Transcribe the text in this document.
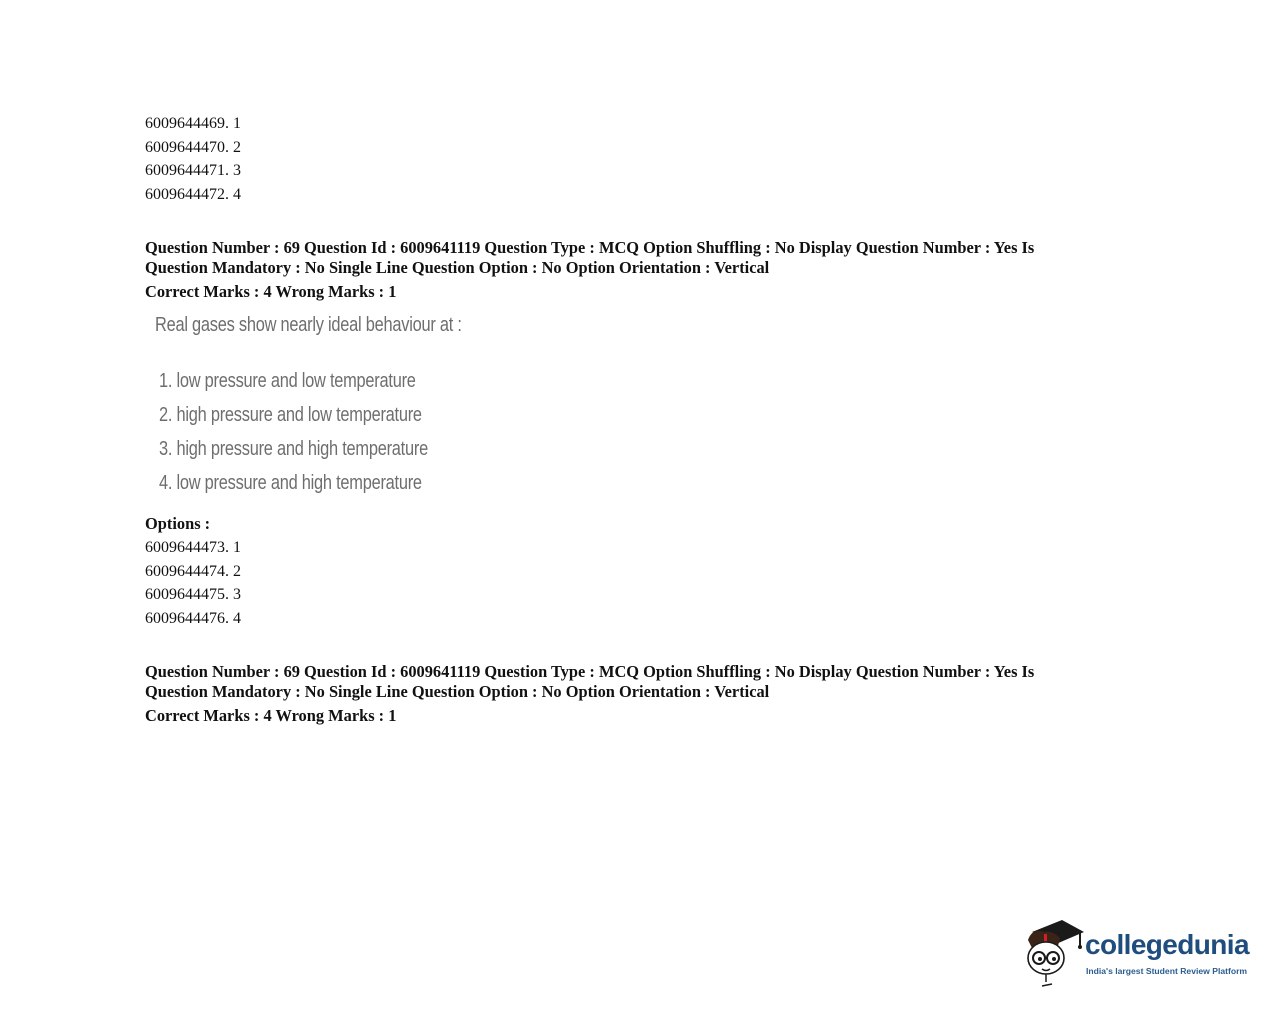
6009644469. 1
6009644470. 2
6009644471. 3
6009644472. 4
Question Number : 69 Question Id : 6009641119 Question Type : MCQ Option Shuffling : No Display Question Number : Yes Is
Question Mandatory : No Single Line Question Option : No Option Orientation : Vertical
Correct Marks : 4 Wrong Marks : 1
Real gases show nearly ideal behaviour at :
1. low pressure and low temperature
2. high pressure and low temperature
3. high pressure and high temperature
4. low pressure and high temperature
Options :
6009644473. 1
6009644474. 2
6009644475. 3
6009644476. 4
Question Number : 69 Question Id : 6009641119 Question Type : MCQ Option Shuffling : No Display Question Number : Yes Is
Question Mandatory : No Single Line Question Option : No Option Orientation : Vertical
Correct Marks : 4 Wrong Marks : 1
collegedunia
India's largest Student Review Platform
